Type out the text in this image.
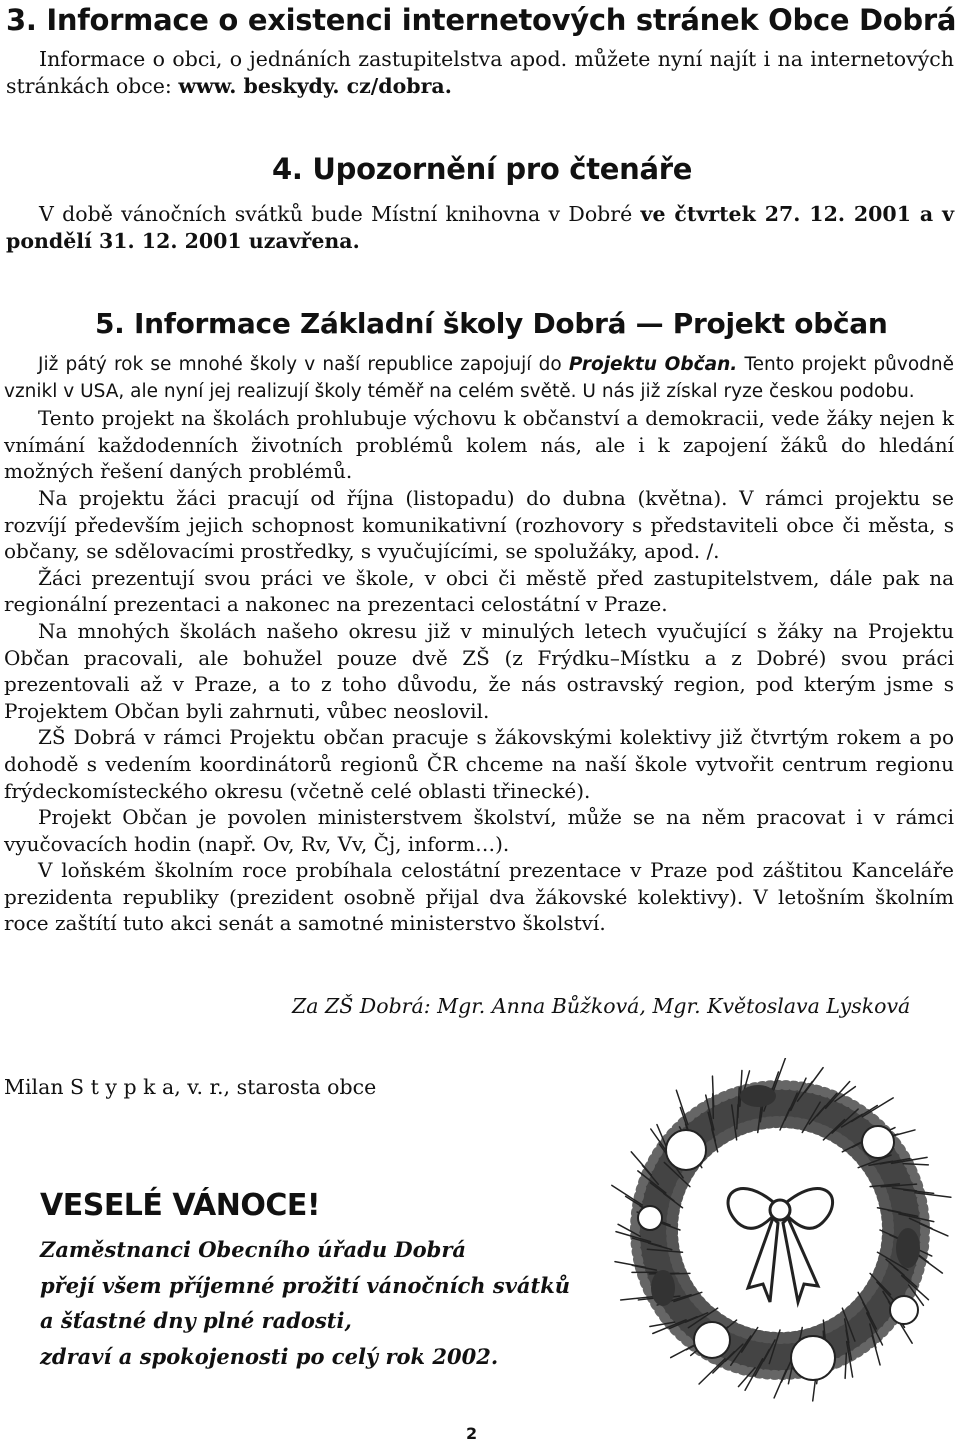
3. Informace o existenci internetových stránek Obce Dobrá

Informace o obci, o jednáních zastupitelstva apod. můžete nyní najít i na internetových stránkách obce: www. beskydy. cz/dobra.

4. Upozornění pro čtenáře

V době vánočních svátků bude Místní knihovna v Dobré ve čtvrtek 27. 12. 2001 a v pondělí 31. 12. 2001 uzavřena.

5. Informace Základní školy Dobrá — Projekt občan

Již pátý rok se mnohé školy v naší republice zapojují do Projektu Občan. Tento projekt původně vznikl v USA, ale nyní jej realizují školy téměř na celém světě. U nás již získal ryze českou podobu.

Tento projekt na školách prohlubuje výchovu k občanství a demokracii, vede žáky nejen k vnímání každodenních životních problémů kolem nás, ale i k zapojení žáků do hledání možných řešení daných problémů.

Na projektu žáci pracují od října (listopadu) do dubna (května). V rámci projektu se rozvíjí především jejich schopnost komunikativní (rozhovory s představiteli obce či města, s občany, se sdělovacími prostředky, s vyučujícími, se spolužáky, apod. /.

Žáci prezentují svou práci ve škole, v obci či městě před zastupitelstvem, dále pak na regionální prezentaci a nakonec na prezentaci celostátní v Praze.

Na mnohých školách našeho okresu již v minulých letech vyučující s žáky na Projektu Občan pracovali, ale bohužel pouze dvě ZŠ (z Frýdku–Místku a z Dobré) svou práci prezentovali až v Praze, a to z toho důvodu, že nás ostravský region, pod kterým jsme s Projektem Občan byli zahrnuti, vůbec neoslovil.

ZŠ Dobrá v rámci Projektu občan pracuje s žákovskými kolektivy již čtvrtým rokem a po dohodě s vedením koordinátorů regionů ČR chceme na naší škole vytvořit centrum regionu frýdeckomísteckého okresu (včetně celé oblasti třinecké).

Projekt Občan je povolen ministerstvem školství, může se na něm pracovat i v rámci vyučovacích hodin (např. Ov, Rv, Vv, Čj, inform…).

V loňském školním roce probíhala celostátní prezentace v Praze pod záštitou Kanceláře prezidenta republiky (prezident osobně přijal dva žákovské kolektivy). V letošním školním roce zaštítí tuto akci senát a samotné ministerstvo školství.

Za ZŠ Dobrá: Mgr. Anna Bůžková, Mgr. Květoslava Lysková
Milan S t y p k a, v. r., starosta obce
VESELÉ VÁNOCE!
Zaměstnanci Obecního úřadu Dobrá
přejí všem příjemné prožití vánočních svátků
a šťastné dny plné radosti,
zdraví a spokojenosti po celý rok 2002.
2
